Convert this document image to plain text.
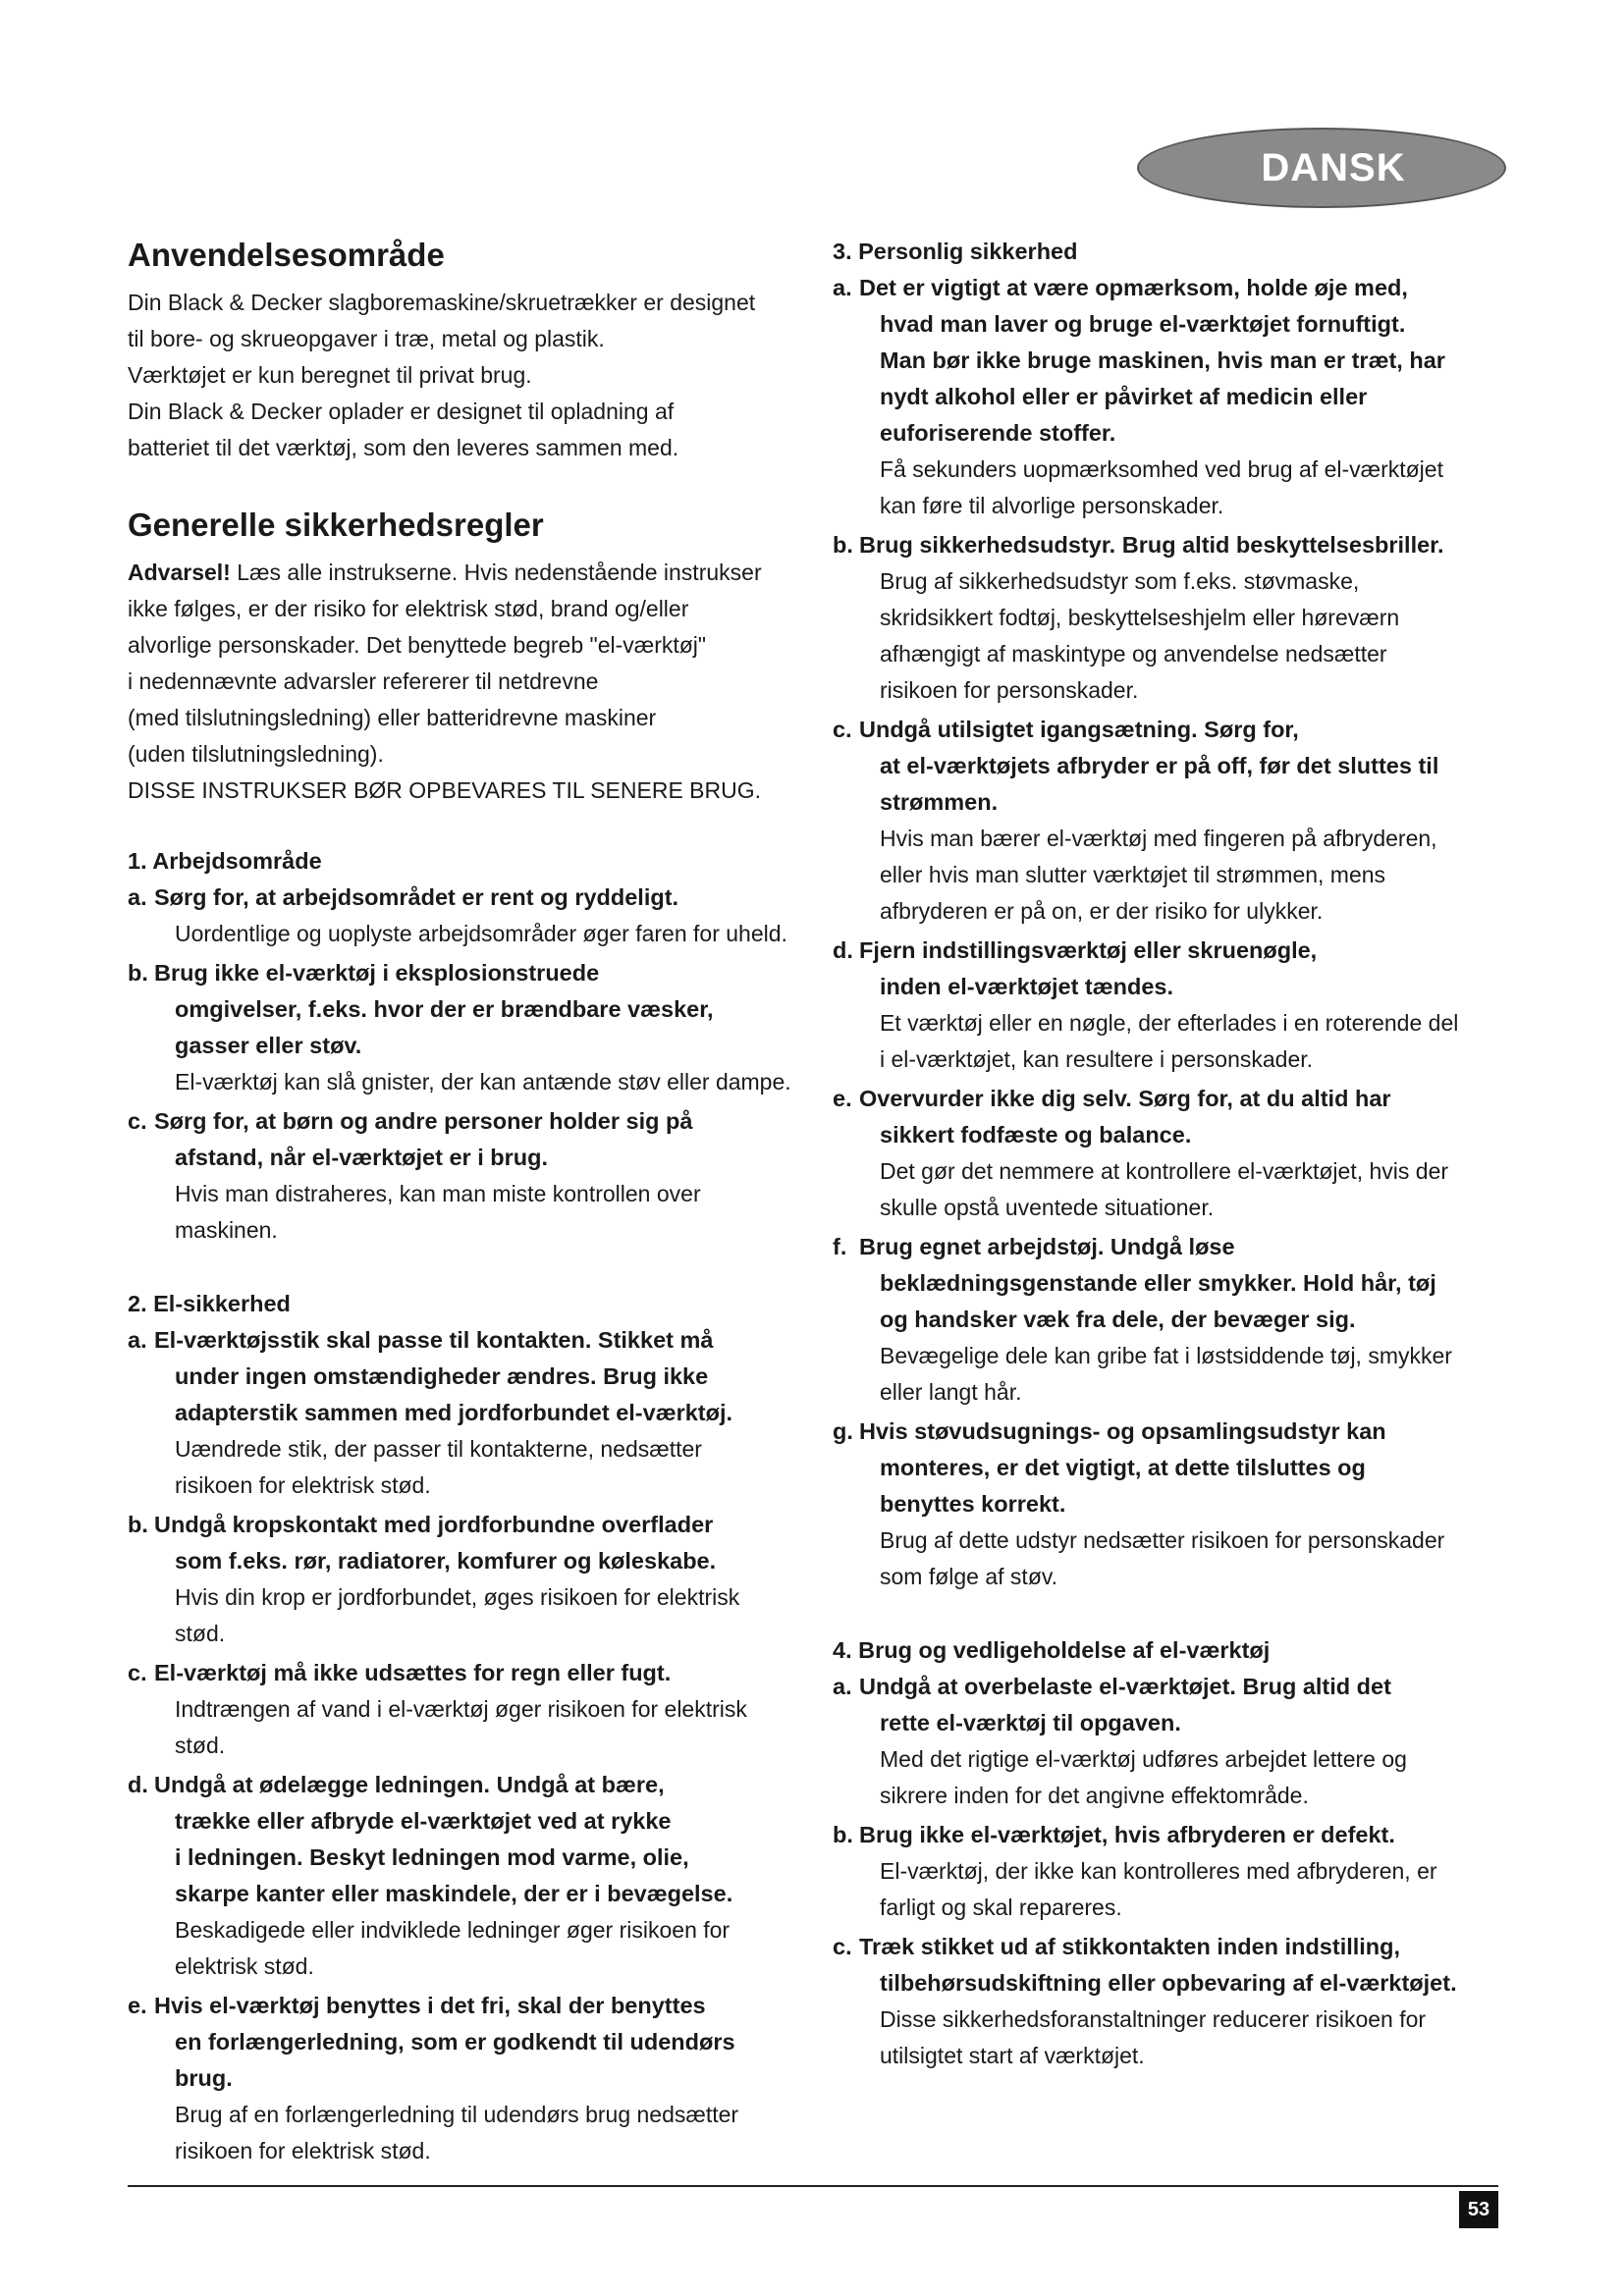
DANSK
Anvendelsesområde
Din Black & Decker slagboremaskine/skruetrækker er designet
til bore- og skrueopgaver i træ, metal og plastik.
Værktøjet er kun beregnet til privat brug.
Din Black & Decker oplader er designet til opladning af
batteriet til det værktøj, som den leveres sammen med.
Generelle sikkerhedsregler
Advarsel! Læs alle instrukserne. Hvis nedenstående instrukser
ikke følges, er der risiko for elektrisk stød, brand og/eller
alvorlige personskader. Det benyttede begreb "el-værktøj"
i nedennævnte advarsler refererer til netdrevne
(med tilslutningsledning) eller batteridrevne maskiner
(uden tilslutningsledning).
DISSE INSTRUKSER BØR OPBEVARES TIL SENERE BRUG.
1. Arbejdsområde
a. Sørg for, at arbejdsområdet er rent og ryddeligt.
Uordentlige og uoplyste arbejdsområder øger faren for uheld.
b. Brug ikke el-værktøj i eksplosionstruede
omgivelser, f.eks. hvor der er brændbare væsker,
gasser eller støv.
El-værktøj kan slå gnister, der kan antænde støv eller dampe.
c. Sørg for, at børn og andre personer holder sig på
afstand, når el-værktøjet er i brug.
Hvis man distraheres, kan man miste kontrollen over
maskinen.
2. El-sikkerhed
a. El-værktøjsstik skal passe til kontakten. Stikket må
under ingen omstændigheder ændres. Brug ikke
adapterstik sammen med jordforbundet el-værktøj.
Uændrede stik, der passer til kontakterne, nedsætter
risikoen for elektrisk stød.
b. Undgå kropskontakt med jordforbundne overflader
som f.eks. rør, radiatorer, komfurer og køleskabe.
Hvis din krop er jordforbundet, øges risikoen for elektrisk
stød.
c. El-værktøj må ikke udsættes for regn eller fugt.
Indtrængen af vand i el-værktøj øger risikoen for elektrisk
stød.
d. Undgå at ødelægge ledningen. Undgå at bære,
trække eller afbryde el-værktøjet ved at rykke
i ledningen. Beskyt ledningen mod varme, olie,
skarpe kanter eller maskindele, der er i bevægelse.
Beskadigede eller indviklede ledninger øger risikoen for
elektrisk stød.
e. Hvis el-værktøj benyttes i det fri, skal der benyttes
en forlængerledning, som er godkendt til udendørs
brug.
Brug af en forlængerledning til udendørs brug nedsætter
risikoen for elektrisk stød.
3. Personlig sikkerhed
a. Det er vigtigt at være opmærksom, holde øje med,
hvad man laver og bruge el-værktøjet fornuftigt.
Man bør ikke bruge maskinen, hvis man er træt, har
nydt alkohol eller er påvirket af medicin eller
euforiserende stoffer.
Få sekunders uopmærksomhed ved brug af el-værktøjet
kan føre til alvorlige personskader.
b. Brug sikkerhedsudstyr. Brug altid beskyttelsesbriller.
Brug af sikkerhedsudstyr som f.eks. støvmaske,
skridsikkert fodtøj, beskyttelseshjelm eller høreværn
afhængigt af maskintype og anvendelse nedsætter
risikoen for personskader.
c. Undgå utilsigtet igangsætning. Sørg for,
at el-værktøjets afbryder er på off, før det sluttes til
strømmen.
Hvis man bærer el-værktøj med fingeren på afbryderen,
eller hvis man slutter værktøjet til strømmen, mens
afbryderen er på on, er der risiko for ulykker.
d. Fjern indstillingsværktøj eller skruenøgle,
inden el-værktøjet tændes.
Et værktøj eller en nøgle, der efterlades i en roterende del
i el-værktøjet, kan resultere i personskader.
e. Overvurder ikke dig selv. Sørg for, at du altid har
sikkert fodfæste og balance.
Det gør det nemmere at kontrollere el-værktøjet, hvis der
skulle opstå uventede situationer.
f. Brug egnet arbejdstøj. Undgå løse
beklædningsgenstande eller smykker. Hold hår, tøj
og handsker væk fra dele, der bevæger sig.
Bevægelige dele kan gribe fat i løstsiddende tøj, smykker
eller langt hår.
g. Hvis støvudsugnings- og opsamlingsudstyr kan
monteres, er det vigtigt, at dette tilsluttes og
benyttes korrekt.
Brug af dette udstyr nedsætter risikoen for personskader
som følge af støv.
4. Brug og vedligeholdelse af el-værktøj
a. Undgå at overbelaste el-værktøjet. Brug altid det
rette el-værktøj til opgaven.
Med det rigtige el-værktøj udføres arbejdet lettere og
sikrere inden for det angivne effektområde.
b. Brug ikke el-værktøjet, hvis afbryderen er defekt.
El-værktøj, der ikke kan kontrolleres med afbryderen, er
farligt og skal repareres.
c. Træk stikket ud af stikkontakten inden indstilling,
tilbehørsudskiftning eller opbevaring af el-værktøjet.
Disse sikkerhedsforanstaltninger reducerer risikoen for
utilsigtet start af værktøjet.
53
